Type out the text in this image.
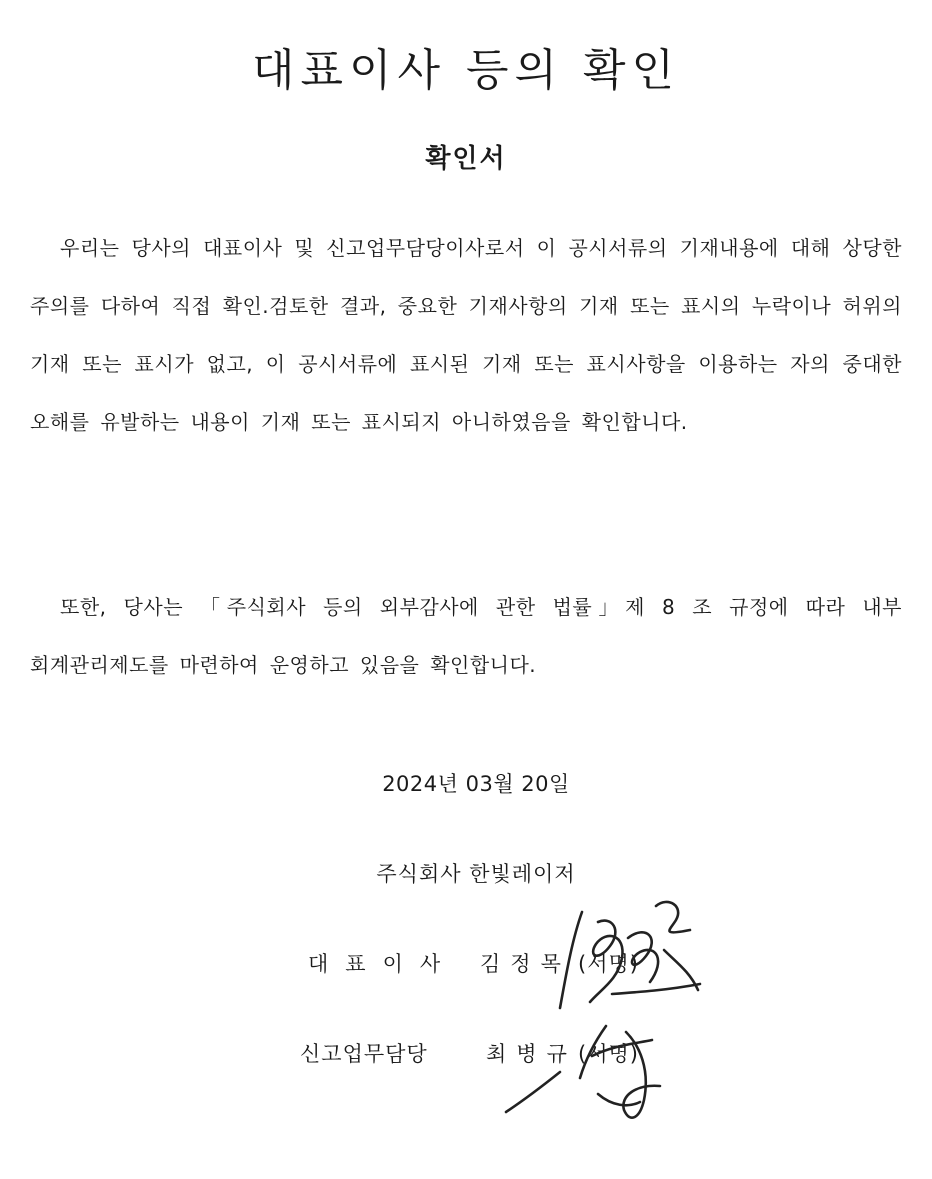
대표이사 등의 확인
확인서
우리는 당사의 대표이사 및 신고업무담당이사로서 이 공시서류의 기재내용에 대해 상당한 주의를 다하여 직접 확인.검토한 결과, 중요한 기재사항의 기재 또는 표시의 누락이나 허위의 기재 또는 표시가 없고, 이 공시서류에 표시된 기재 또는 표시사항을 이용하는 자의 중대한 오해를 유발하는 내용이 기재 또는 표시되지 아니하였음을 확인합니다.
또한, 당사는 「주식회사 등의 외부감사에 관한 법률」제 8 조 규정에 따라 내부 회계관리제도를 마련하여 운영하고 있음을 확인합니다.
2024년 03월 20일
주식회사 한빛레이저
대표이사 김정목 (서명)
신고업무담당	최병규 (서명)
